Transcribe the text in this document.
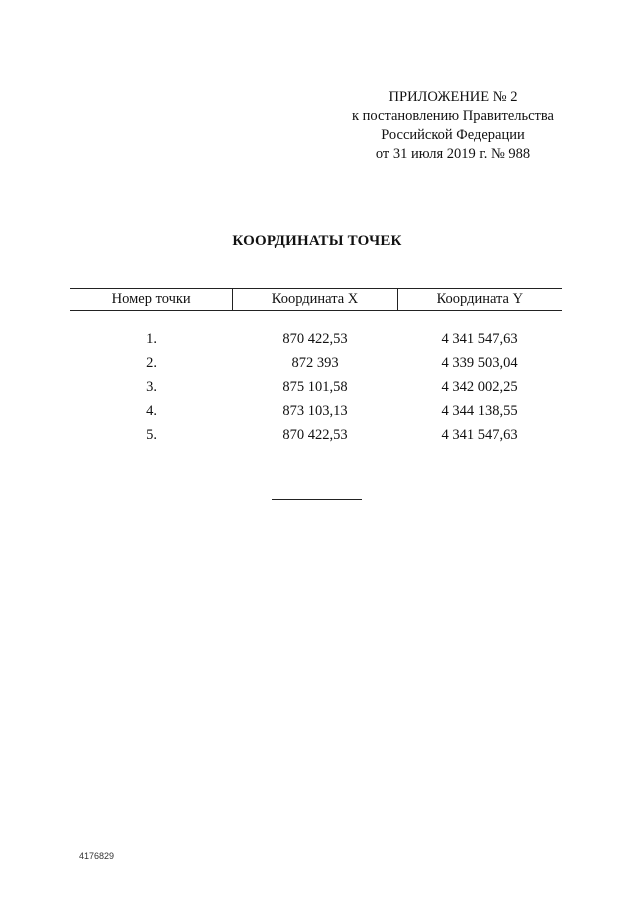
ПРИЛОЖЕНИЕ № 2
к постановлению Правительства
Российской Федерации
от 31 июля 2019 г. № 988
КООРДИНАТЫ ТОЧЕК
Номер точки	Координата X	Координата Y
1.	870 422,53	4 341 547,63
2.	872 393	4 339 503,04
3.	875 101,58	4 342 002,25
4.	873 103,13	4 344 138,55
5.	870 422,53	4 341 547,63
4176829
